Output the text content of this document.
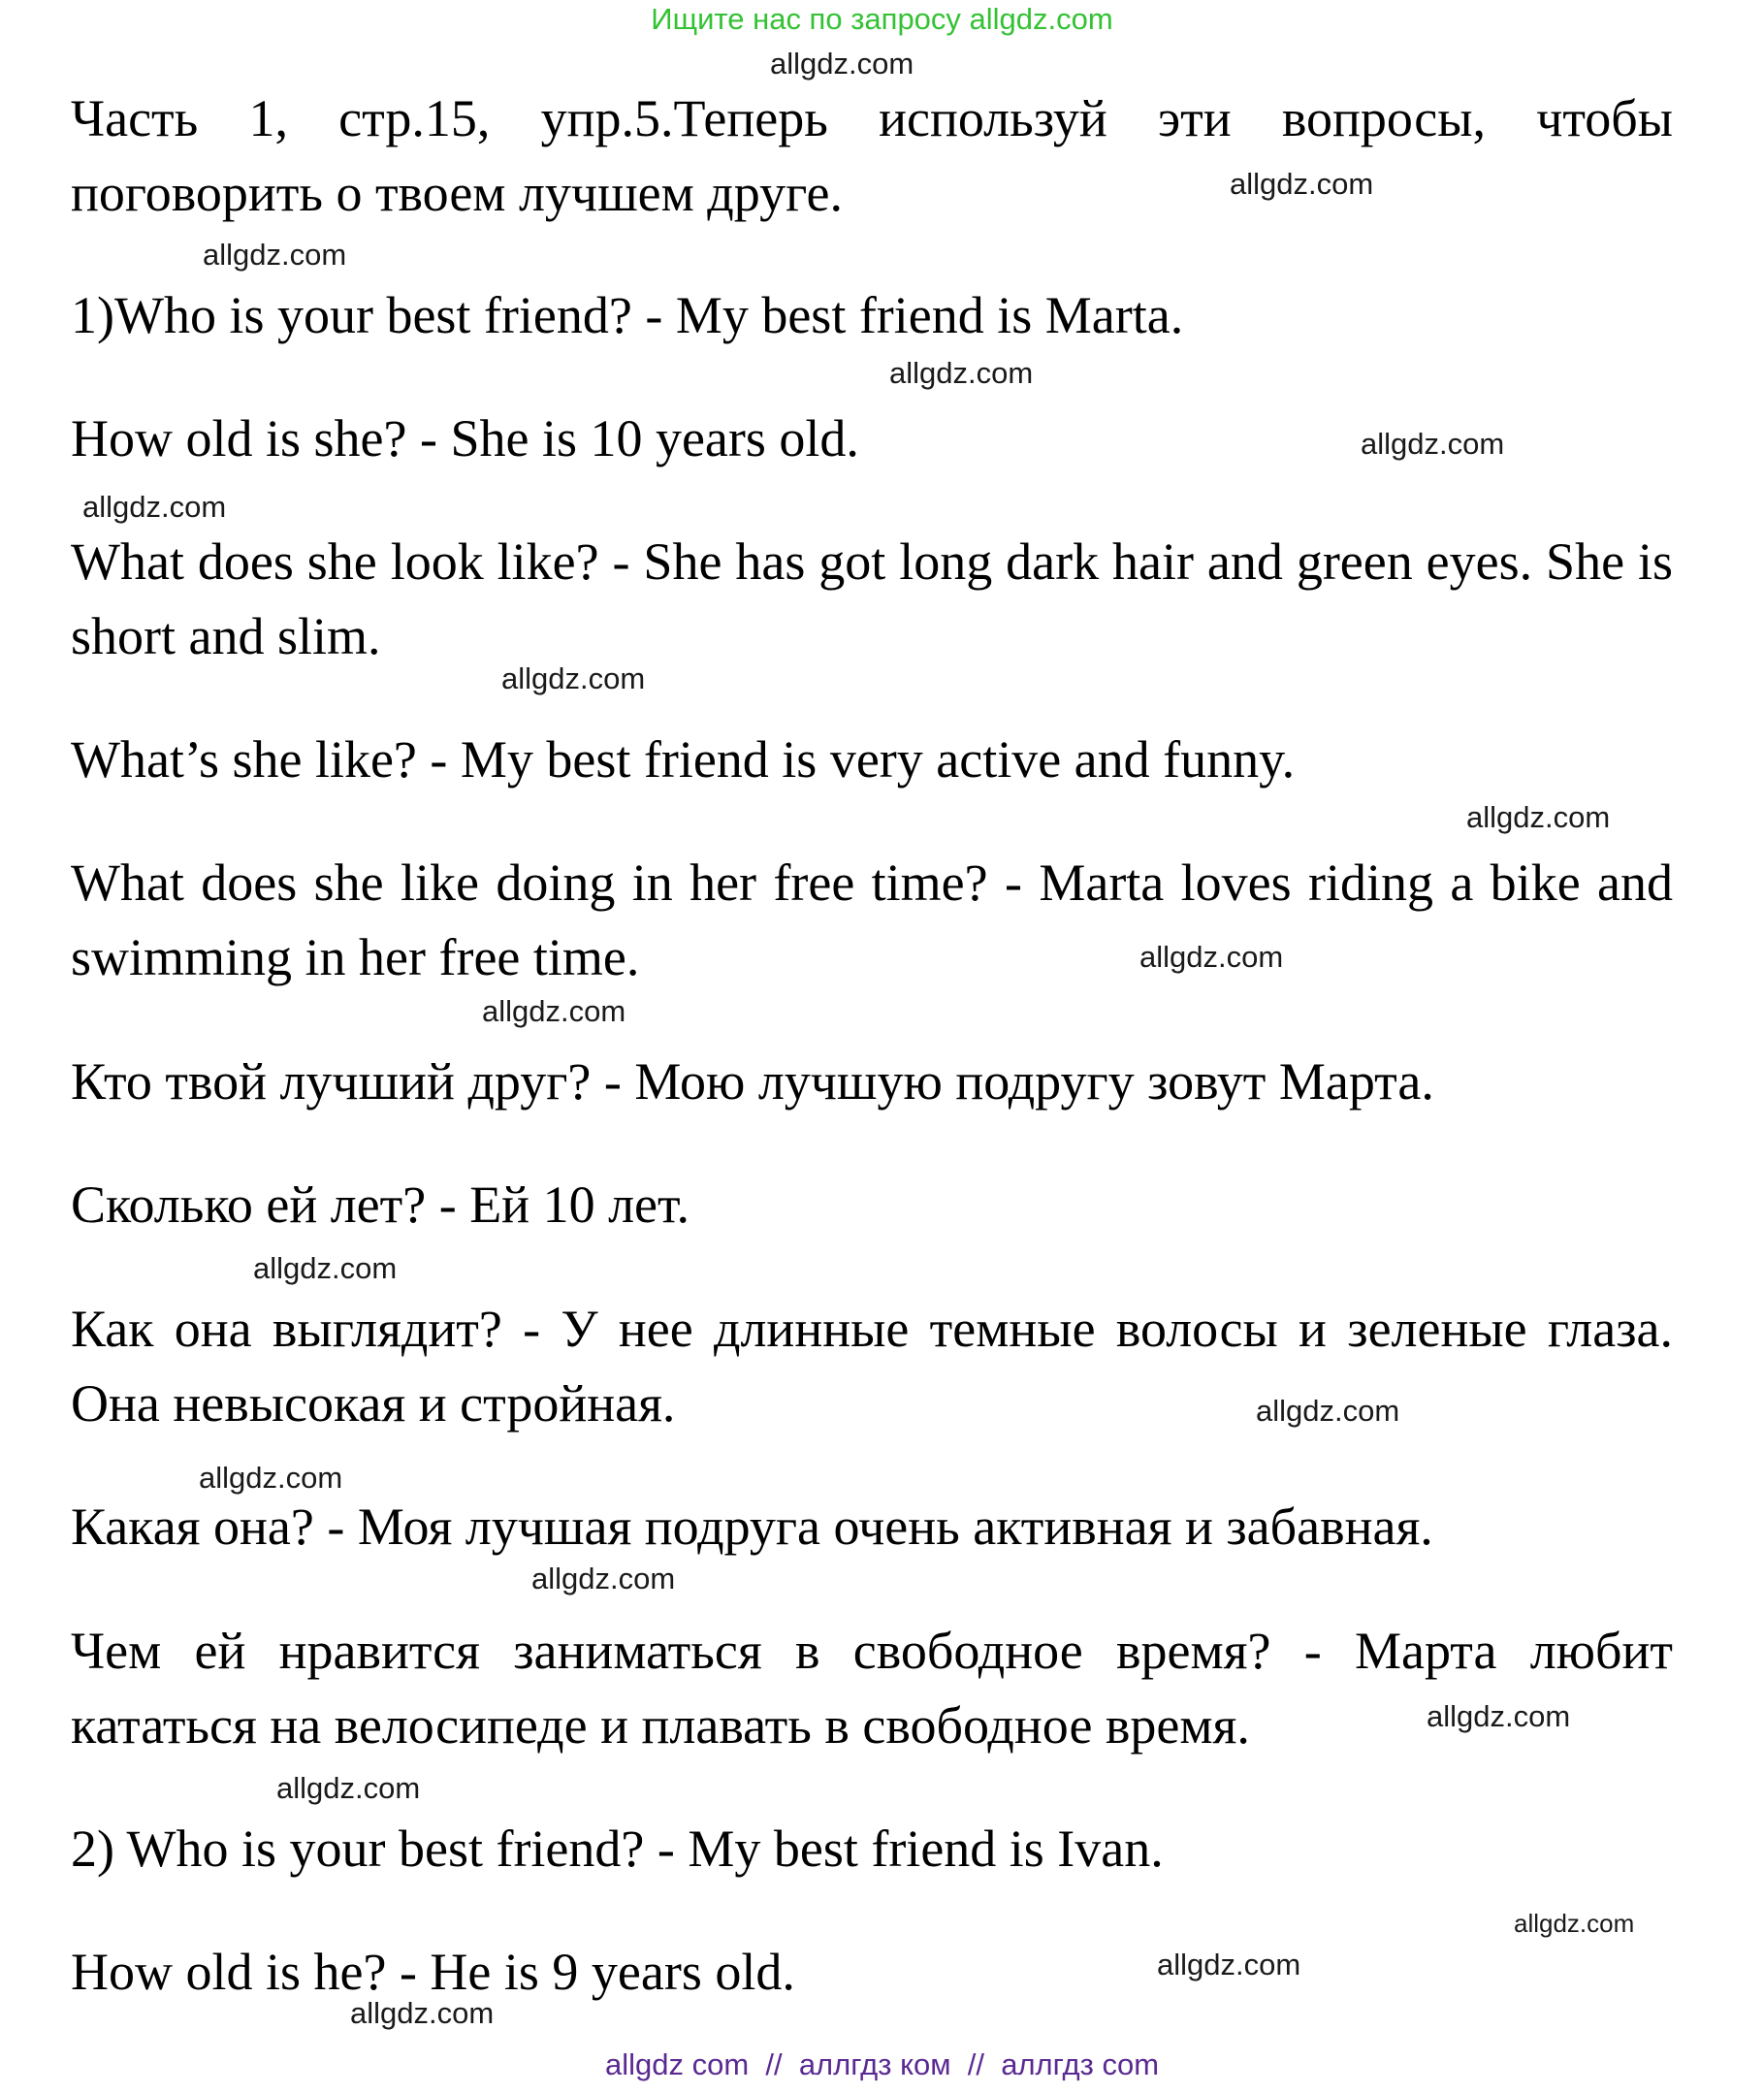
Ищите нас по запросу allgdz.com
allgdz.com
allgdz.com
allgdz.com
allgdz.com
allgdz.com
allgdz.com
allgdz.com
allgdz.com
allgdz.com
allgdz.com
allgdz.com
allgdz.com
allgdz.com
allgdz.com
allgdz.com
allgdz.com
allgdz.com
allgdz.com
allgdz.com

Часть 1, стр.15, упр.5.Теперь используй эти вопросы, чтобы поговорить о твоем лучшем друге.

1)Who is your best friend? - My best friend is Marta.

How old is she? - She is 10 years old.

What does she look like? - She has got long dark hair and green eyes. She is short and slim.

What’s she like? - My best friend is very active and funny.

What does she like doing in her free time? - Marta loves riding a bike and swimming in her free time.

Кто твой лучший друг? - Мою лучшую подругу зовут Марта.

Сколько ей лет? - Ей 10 лет.

Как она выглядит? - У нее длинные темные волосы и зеленые глаза. Она невысокая и стройная.

Какая она? - Моя лучшая подруга очень активная и забавная.

Чем ей нравится заниматься в свободное время? - Марта любит кататься на велосипеде и плавать в свободное время.

2) Who is your best friend? - My best friend is Ivan.

How old is he? - He is 9 years old.

allgdz com  //  аллгдз ком  //  аллгдз com
